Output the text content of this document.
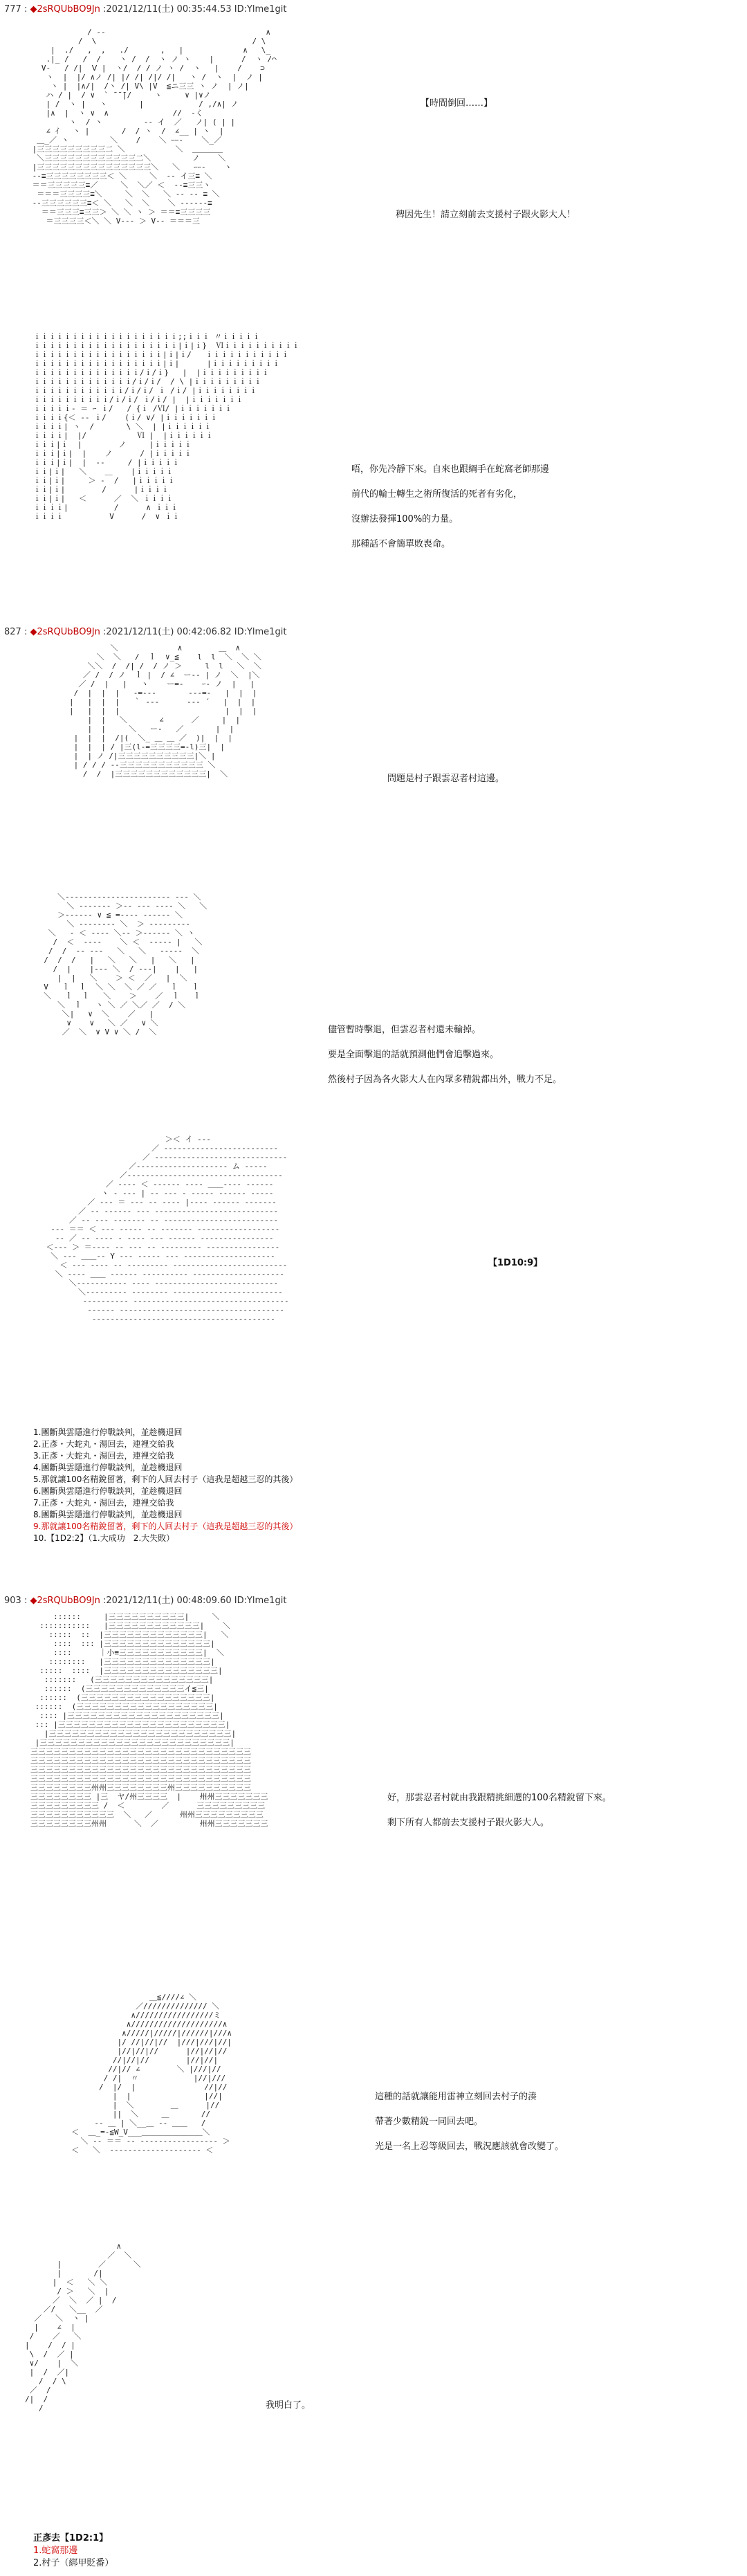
777 : ◆2sRQUbBO9Jn :2021/12/11(土) 00:35:44.53 ID:Ylme1git
/ ‐‐                                   ∧
/  \                                  / \
|  ./   ,  ,   ./       ,   |             ∧   \_
.|_ /   /  /    ヽ /  /  ヽ ノ ヽ    |      /  ヽ /⌒
V‐   / /|  Ⅴ |  ヽ/  / / ノ ヽ /  ヽ   |    /    ⊃
ヽ  |  |/ ∧ノ /| |/ /| /|/ /|   ヽ /  ヽ  |  ノ |
ヽ |  |∧/|  /ヽ /| V\ |V  ≦ニ三三 ヽ ノ  | ノ|
ハ / |  / ∨  ` ̄ ̄ ̄|/     ヽ     ∨ |∨ノ
| /  ヽ |   ヽ       |            / ,/∧| ノ
|∧  |  ヽ ∨  ∧              //  ‐く
ヽ  / ヽ         ‐‐ イ  ／   ノ| ( | |
∠ ｲ   ヽ |       /  / ヽ  /  ∠__ | ヽ  |
＿_／ ヽ         ＼    /    ＼ ｰｰ‐    ＼_／
|三三三三三三三三三二 ＼           ＼  ＿＿＿＿
＼三三三三三三三三三三三三二＼         ノ    ＼
|三三三三三三三三三三三三三三三＼   ＼   ｰｰ‐    ヽ
‐‐≡三三三三三三三三＜ ＼     ＼  ‐‐ イ三≡ ＼
＝＝三三三三三≡／     ＼  ＼／ ＜  ‐‐≡三三ヽ
＝＝＝三三三三≡＼     ＼  ＼   ＼ ‐‐ ‐‐ ≡ ＼
‐‐三三三三三三≡＜ ＼   ＼  ＼    ＼ ‐‐‐‐‐‐≡
＝＝三三三≡三三＞ ＼ ＼ ヽ ＞ ＝＝≡三三三三
＝三三三三＜＼ ＼ V‐‐‐ ＞ V‐‐ ＝＝＝三
【時間倒回……】
稗因先生！請立刻前去支援村子跟火影大人！
ｉｉｉｉｉｉｉｉｉｉｉｉｉｉｉｉｉｉｉ;;ｉｉｉ 〃ｉｉｉｉｉ
ｉｉｉｉｉｉｉｉｉｉｉｉｉｉｉｉｉｉｉ|ｉ|ｉ}  Ⅵｉｉｉｉｉｉｉｉｉｉ
ｉｉｉｉｉｉｉｉｉｉｉｉｉｉｉｉｉ|ｉ|ｉ/   ｉｉｉｉｉｉｉｉｉｉｉ
ｉｉｉｉｉｉｉｉｉｉｉｉｉｉｉｉｉ|ｉ|      |ｉｉｉｉｉｉｉｉｉ
ｉｉｉｉｉｉｉｉｉｉｉｉｉｉ/ｉ/ｉ}   |  |ｉｉｉｉｉｉｉｉｉ
ｉｉｉｉｉｉｉｉｉｉｉｉｉ/ｉ/ｉ/  / \ |ｉｉｉｉｉｉｉｉｉ
ｉｉｉｉｉｉｉｉｉｉｉｉ/ｉ/ｉ/ ｉ /ｉ/ |ｉｉｉｉｉｉｉｉ
ｉｉｉｉｉｉｉｉｉｉ/ｉ/ｉ/ ｉ/ｉ/ |  |ｉｉｉｉｉｉｉ
ｉｉｉｉｉ‐ ＝ ｰ ｉ/   / {ｉ /Ⅵ/ |ｉｉｉｉｉｉｉ
ｉｉｉｉ{＜ ‐‐ ｉ/    (ｉ/ ∨/ |ｉｉｉｉｉｉｉ
ｉｉｉｉ| ヽ  /       \ ＼  | |ｉｉｉｉｉｉ
ｉｉｉｉ|  |/           Ⅵ |  |ｉｉｉｉｉｉ
ｉｉｉ|ｉ  |        ノ     |ｉｉｉｉｉ
ｉｉｉ|ｉ|  |    ノ      / |ｉｉｉｉｉ
ｉｉｉ|ｉ|  |  ‐‐     / |ｉｉｉｉｉ
ｉｉ|ｉ|   ＼    ＿    |ｉｉｉｉｉ
ｉｉ|ｉ|     ＞ ‐  /   |ｉｉｉｉｉ
ｉｉ|ｉ|        /      |ｉｉｉｉ
ｉｉ|ｉ|   ＜      ／  ＼ ｉｉｉｉ
ｉｉｉｉ|          /      ∧ ｉｉｉ
ｉｉｉｉ          V      /  ∨ ｉｉ
唔，你先冷靜下來。自來也跟綱手在蛇窩老師那邊
前代的輪士轉生之術所復活的死者有劣化，
沒辦法發揮100%的力量。
那種話不會簡單敗喪命。
827 : ◆2sRQUbBO9Jn :2021/12/11(土) 00:42:06.82 ID:Ylme1git
＼             ∧        ＿  ∧
＼  ＼   /  ｌ  ∨_≦    l  l  ＼  ＼ ＼
＼＼  /  /| /  / ノ ＞     l  l   ＼  ＼
／ /  / ノ  ｌ |  / ∠  ー‐‐ | ノ  ＼  |＼
／ /  |   |   ヽ    ー=‐    ｰ- ノ  |   |
/  |  |  |   -=‐‐‐       ‐‐-=-   |  |  |
|   |  |  |   ｀ ‐‐‐      ‐‐‐ ´   |  |  |
|   |  |  |                       |  |  |
|  |   ＼       ∠      ／     |  |
|  |     ＼   ー‐   ／       |  |
|  |  |  /|(  ＼_ ＿ ＿ ／  )|  |  |
|  |  | / |三(l‐=三三三三=‐l)三|  |
|  | ノ /|三三三三三三三三三三|＼ |
| / / / ‐‐三三三三三三三三三三三 ＼
/  /  |三三三三三三三三三三三三|  ＼	問題是村子跟雲忍者村這邊。
＼‐‐‐‐‐‐‐‐‐‐‐‐‐‐‐‐‐‐‐‐‐‐‐ ‐‐‐ ＼
＼ ‐‐‐‐‐‐‐ ＞‐‐ ‐‐‐ ‐‐‐‐ ＼   ＼
＞‐‐‐‐‐‐ ∨ ≦ =‐‐‐‐ ‐‐‐‐‐‐ ＼
＼ ‐‐‐‐‐‐‐‐ ＼  ＞ ‐‐‐‐‐‐‐‐‐
＼   ‐ ＜ ‐‐‐‐ ＼‐‐ ＞‐‐‐‐‐‐ ＼ ヽ
/  ＜  ‐‐‐‐    ＼ ＜  ‐‐‐‐‐ |   ＼
/  /  ‐‐ ‐‐‐   ＼   ＼   ‐‐‐‐‐  ＼
/  /  /   |   ＼   ＼   |   ＼   |
/  |    |‐‐‐ ＼  / ‐‐‐|    |   |
|  |   ＼    ＞ ＜  ／   |  ＼
V   ｌ  ｌ  ＼ ＼  ＼ ／ ／   ｌ   ｌ
＼   ｌ  ｌ   ＼    ＞    ／  ｌ   ｌ
＼  ｌ   ヽ ＼ ／ ＼／ ／  / ＼
＼|   ∨  ＼    ／   |
∨    ∨   ＼ ／   ∨ ＼
／  ＼  ∨ V ∨ ＼ /  ＼	儘管暫時擊退，但雲忍者村還未輸掉。
要是全面擊退的話就預測他們會追擊過來。
然後村子因為各火影大人在內眾多精銳都出外，戰力不足。
＞＜ イ ‐‐‐
／ ‐‐‐‐‐‐‐‐‐‐‐‐‐‐‐‐‐‐‐‐‐‐‐‐‐
／ ‐‐‐‐‐‐‐‐‐‐‐‐‐‐‐‐‐‐‐‐‐‐‐‐‐‐‐‐‐
／‐‐‐‐‐‐‐‐‐‐‐‐‐‐‐‐‐‐‐‐ ム ‐‐‐‐‐
／‐‐‐‐‐‐‐‐‐‐‐‐‐‐‐‐‐‐‐‐‐‐‐‐‐‐‐‐‐‐‐‐‐‐
／ ‐‐‐‐ ＜ ‐‐‐‐‐‐ ‐‐‐‐ ＿＿‐‐‐‐ ‐‐‐‐‐‐
ヽ ‐ ‐‐‐ | ‐‐ ‐‐‐ ‐ ‐‐‐‐‐ ‐‐‐‐‐‐ ‐‐‐‐‐
／ ‐‐‐ ＝ ‐‐‐ ‐‐ ‐‐‐‐ |‐‐‐‐ ‐‐‐‐‐‐ ‐‐‐‐‐‐‐
／ ‐‐ ‐‐‐‐‐‐ ‐‐‐ ‐‐‐‐‐‐‐‐‐‐‐‐‐‐‐‐‐‐‐‐‐‐‐‐‐‐‐
／ ‐‐ ‐‐‐ ‐‐‐‐‐‐‐ ‐‐ ‐‐‐‐‐‐‐‐‐‐‐‐‐‐‐‐‐‐‐‐‐‐‐‐‐
‐‐‐ ＝＝ ＜ ‐‐‐ ‐‐‐‐‐ ‐‐ ‐‐‐‐‐‐‐ ‐‐‐‐‐‐‐‐‐‐‐‐‐‐‐‐‐‐
‐‐ ／ ‐‐ ‐‐‐‐ ‐ ‐‐‐‐ ‐‐‐ ‐‐‐‐‐‐ ‐‐‐‐‐‐‐‐‐‐‐‐‐‐‐‐
＜‐‐‐ ＞ ＝‐‐‐‐ ‐‐ ‐‐‐ ‐‐ ‐‐‐‐‐‐‐‐‐ ‐‐‐‐‐‐‐‐‐‐‐‐‐‐‐‐
＼ ‐‐‐ ＿＿‐‐ Y ‐‐‐ ‐‐‐‐‐ ‐‐‐ ‐‐‐‐‐‐‐‐‐‐‐‐‐‐‐‐‐‐‐‐
＜ ‐‐‐ ‐‐‐‐ ‐‐ ‐‐‐‐‐‐‐‐‐ ‐‐‐‐‐‐‐‐‐‐‐‐‐‐‐‐‐‐‐‐‐‐‐‐‐
＼ ‐‐‐‐ ＿＿ ‐‐‐‐‐‐ ‐‐‐‐‐‐‐‐‐‐ ‐‐‐‐‐‐‐‐‐‐‐‐‐‐‐‐‐‐‐‐
＼‐‐‐‐‐‐‐‐‐‐‐ ‐‐‐‐ ‐‐‐‐‐‐‐‐‐‐‐‐‐‐‐‐‐‐‐‐‐‐‐‐‐‐‐
＼‐‐‐‐‐‐‐‐‐ ‐‐‐‐‐‐‐‐ ‐‐‐‐‐‐‐‐‐‐‐‐‐‐‐‐‐‐‐‐‐‐‐‐
‐‐‐‐‐‐‐‐‐‐ ‐‐‐‐‐‐‐‐‐‐‐‐‐‐‐‐‐‐‐‐‐‐‐‐‐‐‐‐‐‐‐‐‐‐
‐‐‐‐‐‐ ‐‐‐‐‐‐‐‐‐‐‐‐‐‐‐‐‐‐‐‐‐‐‐‐‐‐‐‐‐‐‐‐‐‐‐‐
‐‐‐‐‐‐‐‐‐‐‐‐‐‐‐‐‐‐‐‐‐‐‐‐‐‐‐‐‐‐‐‐‐‐‐‐‐‐‐‐
【1D10:9】
1.團斷與雲隱進行停戰談判，並趁機退回
2.正彥・大蛇丸・湯回去，連裡交給我
3.正彥・大蛇丸・湯回去，連裡交給我
4.團斷與雲隱進行停戰談判，並趁機退回
5.那就讓100名精銳留著，剩下的人回去村子（這我是超越三忍的其後）
6.團斷與雲隱進行停戰談判，並趁機退回
7.正彥・大蛇丸・湯回去，連裡交給我
8.團斷與雲隱進行停戰談判，並趁機退回
9.那就讓100名精銳留著，剩下的人回去村子（這我是超越三忍的其後）
10.【1D2:2】（1.大成功　2.大失敗）
903 : ◆2sRQUbBO9Jn :2021/12/11(土) 00:48:09.60 ID:Ylme1git
::::::     |三三三三三三三三三三|     ＼
:::::::::::   |三三三三三三三三三三三三|    ＼
:::::  ::  |三三三三三三三三三三三三三|   ＼
::::  ::: |三三三三三三三三三三三三三三|
::::      ｜小≡三三三三三三三三三三三|  ＼
::::::::   |三三三三三三三三三三三三三三|
:::::  ::::  |三三三三三三三三三三三三三三三|
:::::::   (三三三三三三三三三三三三三三三|
::::::  (三三三三三三三三三三三三三イ≦三|
::::::  (三三三三三三三三三三三三三三三三三|
::::::  (三三三三三三三三三三三三三三三三三三|
:::: |三三三三三三三三三三三三三三三三三三三三|
::: |三三三三三三三三三三三三三三三三三三三三三三|
|三三三三三三三三三三三三三三三三三三三三三三三三|
|三三三三三三三三三三三三三三三三三三三三三三三三三|
三三三三三三三三三三三三三三三三三三三三三三三三三三三三三
三三三三三三三三三三三三三三三三三三三三三三三三三三三三三
三三三三三三三三三三三三三三三三三三三三三三三三三三三三三
三三三三三三三三三三三三三三三三三三三三三三三三三三三三三
三三三三三三三三州州三三三三三三三三州三三三三三三三三三三
三三三三三三三三 |三  ヤ/州三三三三  |    州州三三三三三三三
三三三三三三三三三 /  ＜        ／      三三三三三三三三三
三三三三三三三三三三三  ＼   ／      州州三三三三三三三三三
三三三三三三三三州州      ＼  ／         州州三三三三三三三
好，那雲忍者村就由我跟精挑細選的100名精銳留下來。
剩下所有人都前去支援村子跟火影大人。
＿≦////∠ ＼
／////////////// ＼
∧/////////////////ミ
∧////////////////////∧
∧/////|/////|//////|///∧
|/ //|//|//  |///|///|//|
|//|//|//      |//|//|//
//|//|//        |//|//|
//|// ∠        ＼ |///|//
/ /|  〃            |//|///
/  |/  |               //|//
|  |                |//|
|  ＼        ＿      |//
||  ＼     ＿       //
‐‐ ＿ | ＼__＿ ‐‐ ＿＿   /
＜  ＿_=‐≦W_V___＿＿＿＿＿＿＿＿＼
＼ ‐‐ ＝＝ ‐‐ ‐‐‐‐‐‐‐‐‐‐‐‐‐‐‐‐‐ ＞
＜   ＼  ‐‐‐‐‐‐‐‐‐‐‐‐‐‐‐‐‐‐‐‐ ＜
這種的話就讓能用雷神立刻回去村子的湊
帶著少數精銳一同回去吧。
光是一名上忍等級回去，戰況應該就會改變了。
∧
／  ＼
|        ／      ＼
|       /|
|  ＜   ＼ ＼
/ ＞   ＼  |
／  ＼  ／ |  /
／/   ＼__  ／
／   ＼  ヽ |
|    ∠  |
/    ／   ＼
|    /  / |
\  /  ／ |
∨/    |  ＼
|  /  ／|
/  / \
／  /
/|  /
/	我明白了。
正彥去【1D2:1】
1.蛇窩那邊
2.村子（綁甲貶番）
